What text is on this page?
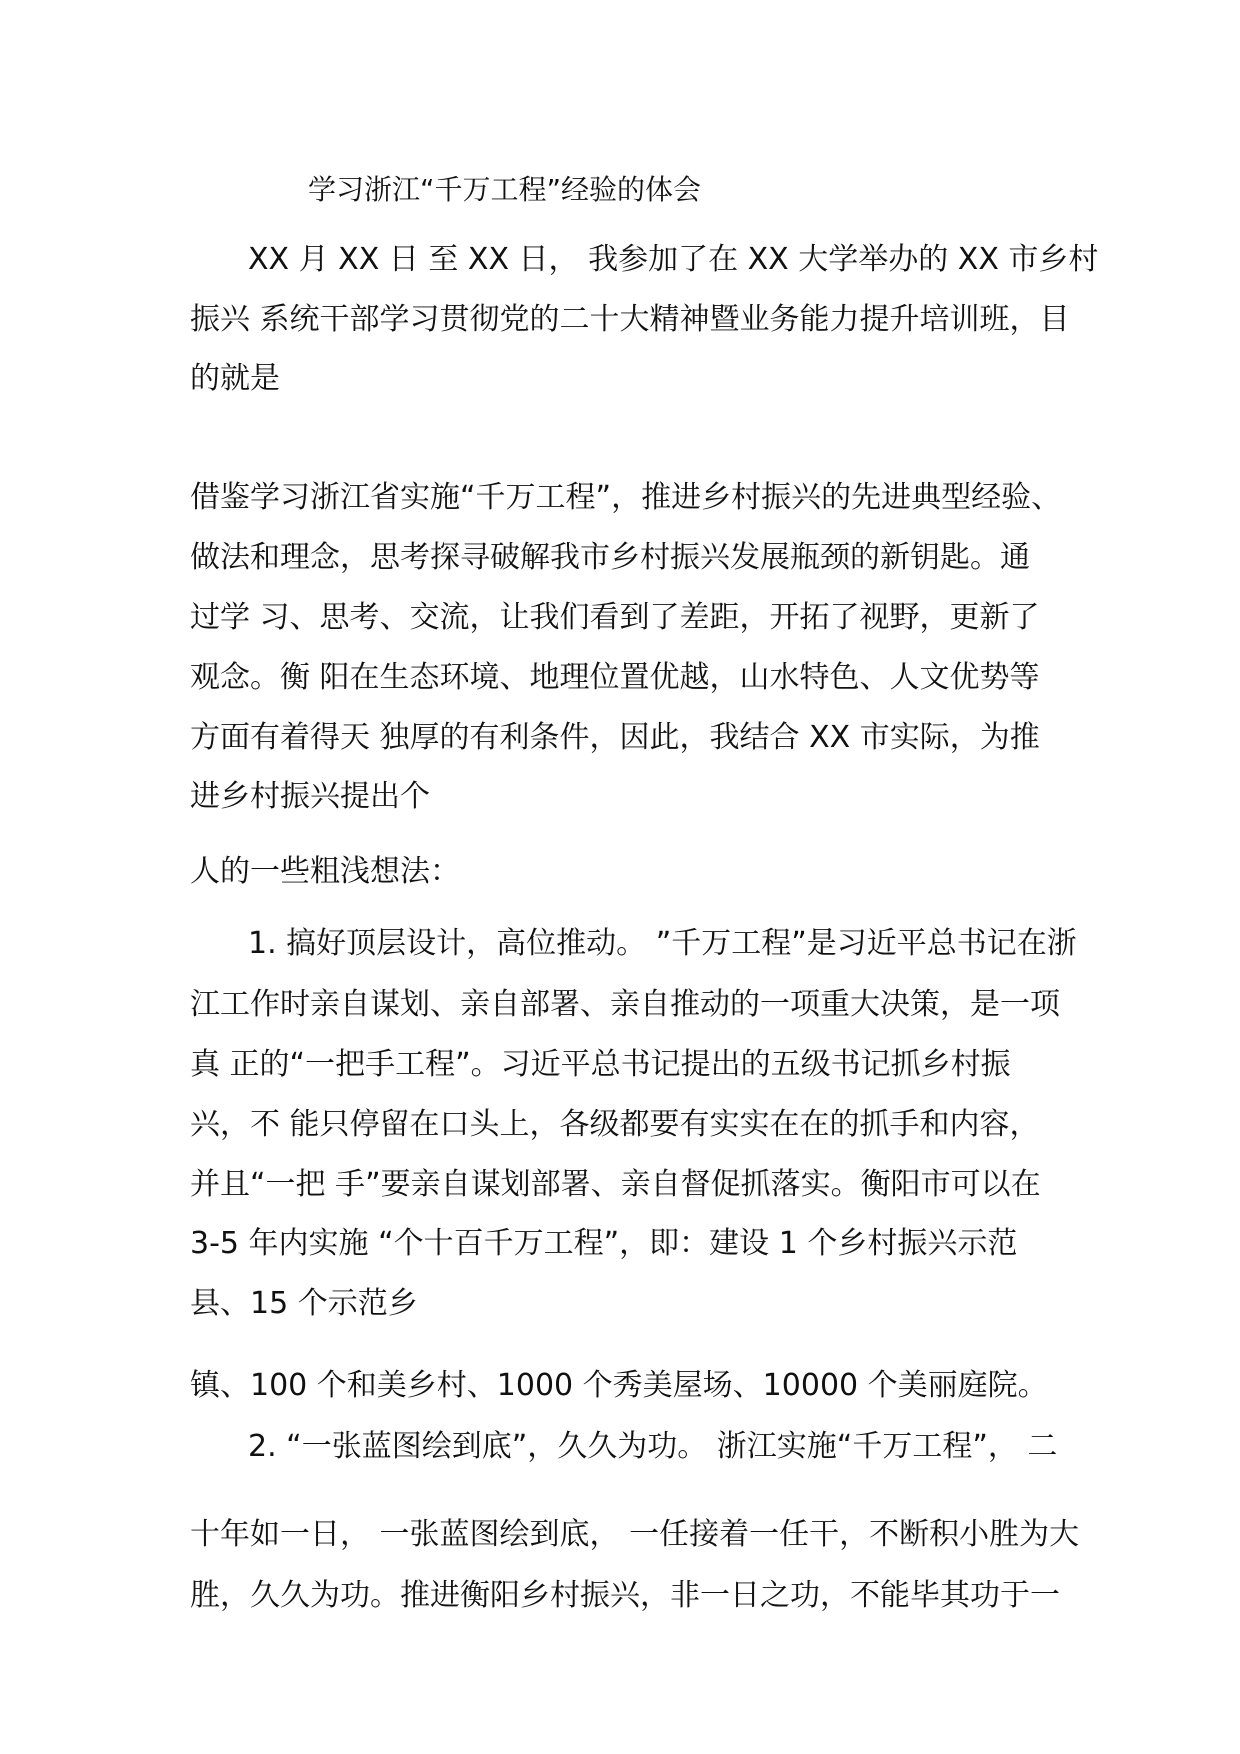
学习浙江“千万工程”经验的体会
XX 月 XX 日 至 XX 日， 我参加了在 XX 大学举办的 XX 市乡村
振兴 系统干部学习贯彻党的二十大精神暨业务能力提升培训班，目
的就是
借鉴学习浙江省实施“千万工程”，推进乡村振兴的先进典型经验、
做法和理念，思考探寻破解我市乡村振兴发展瓶颈的新钥匙。通
过学 习、思考、交流，让我们看到了差距，开拓了视野，更新了
观念。衡 阳在生态环境、地理位置优越，山水特色、人文优势等
方面有着得天 独厚的有利条件，因此，我结合 XX 市实际，为推
进乡村振兴提出个
人的一些粗浅想法：
1. 搞好顶层设计，高位推动。 ”千万工程”是习近平总书记在浙
江工作时亲自谋划、亲自部署、亲自推动的一项重大决策，是一项
真 正的“一把手工程”。习近平总书记提出的五级书记抓乡村振
兴，不 能只停留在口头上，各级都要有实实在在的抓手和内容，
并且“一把 手”要亲自谋划部署、亲自督促抓落实。衡阳市可以在
3-5 年内实施 “个十百千万工程”，即：建设 1 个乡村振兴示范
县、15 个示范乡
镇、100 个和美乡村、1000 个秀美屋场、10000 个美丽庭院。
2. “一张蓝图绘到底”，久久为功。 浙江实施“千万工程”， 二
十年如一日， 一张蓝图绘到底， 一任接着一任干，不断积小胜为大
胜，久久为功。推进衡阳乡村振兴，非一日之功，不能毕其功于一
